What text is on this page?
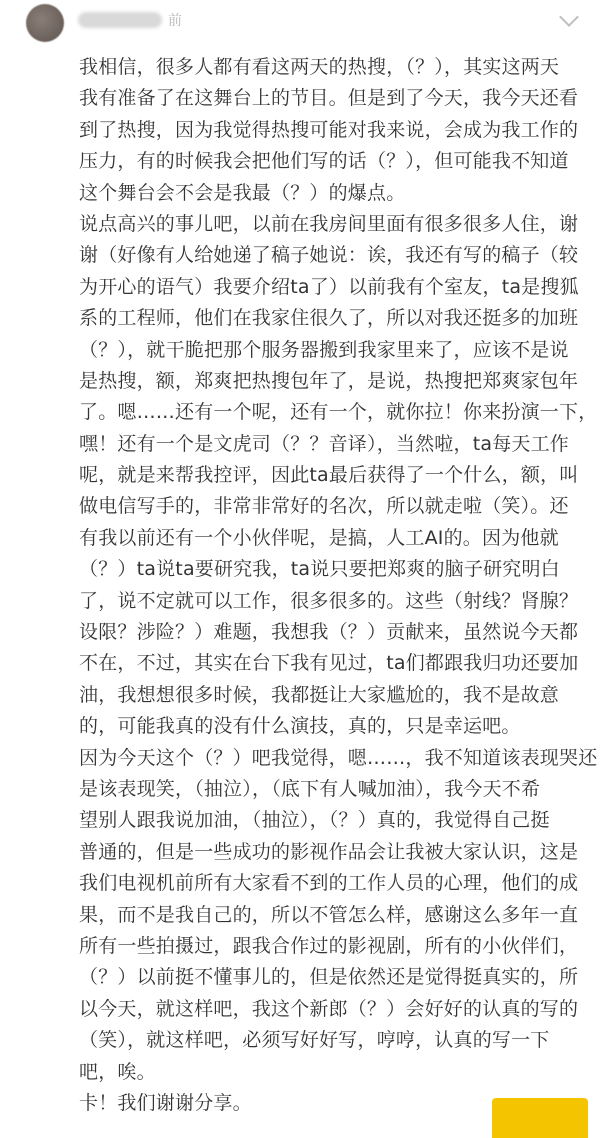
前
我相信，很多人都有看这两天的热搜，（？），其实这两天
我有准备了在这舞台上的节目。但是到了今天，我今天还看
到了热搜，因为我觉得热搜可能对我来说，会成为我工作的
压力，有的时候我会把他们写的话（？），但可能我不知道
这个舞台会不会是我最（？）的爆点。
说点高兴的事儿吧，以前在我房间里面有很多很多人住，谢
谢（好像有人给她递了稿子她说：诶，我还有写的稿子（较
为开心的语气）我要介绍ta了）以前我有个室友，ta是搜狐
系的工程师，他们在我家住很久了，所以对我还挺多的加班
（？），就干脆把那个服务器搬到我家里来了，应该不是说
是热搜，额，郑爽把热搜包年了，是说，热搜把郑爽家包年
了。嗯……还有一个呢，还有一个，就你拉！你来扮演一下，
嘿！还有一个是文虎司（？？音译），当然啦，ta每天工作
呢，就是来帮我控评，因此ta最后获得了一个什么，额，叫
做电信写手的，非常非常好的名次，所以就走啦（笑）。还
有我以前还有一个小伙伴呢，是搞，人工AI的。因为他就
（？）ta说ta要研究我，ta说只要把郑爽的脑子研究明白
了，说不定就可以工作，很多很多的。这些（射线？肾腺？
设限？涉险？）难题，我想我（？）贡献来，虽然说今天都
不在，不过，其实在台下我有见过，ta们都跟我归功还要加
油，我想想很多时候，我都挺让大家尴尬的，我不是故意
的，可能我真的没有什么演技，真的，只是幸运吧。
因为今天这个（？）吧我觉得，嗯……，我不知道该表现哭还
是该表现笑，（抽泣），（底下有人喊加油），我今天不希
望别人跟我说加油，（抽泣），（？）真的，我觉得自己挺
普通的，但是一些成功的影视作品会让我被大家认识，这是
我们电视机前所有大家看不到的工作人员的心理，他们的成
果，而不是我自己的，所以不管怎么样，感谢这么多年一直
所有一些拍摄过，跟我合作过的影视剧，所有的小伙伴们，
（？）以前挺不懂事儿的，但是依然还是觉得挺真实的，所
以今天，就这样吧，我这个新郎（？）会好好的认真的写的
（笑），就这样吧，必须写好好写，哼哼，认真的写一下
吧，唉。
卡！我们谢谢分享。
